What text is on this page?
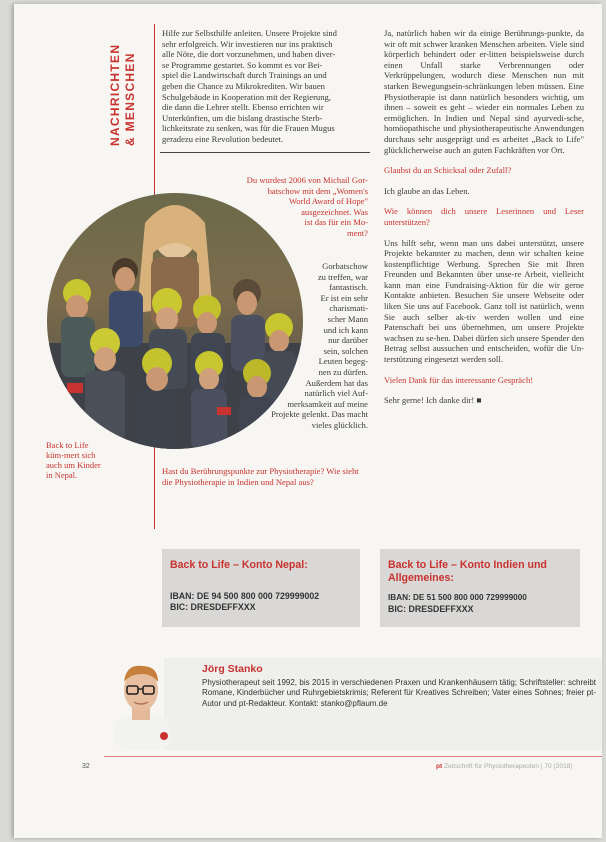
NACHRICHTEN & MENSCHEN
Hilfe zur Selbsthilfe anleiten. Unsere Projekte sind
sehr erfolgreich. Wir investieren nur ins praktisch
alle Nöte, die dort vorzunehmen, und haben diver-
se Programme gestartet. So kommt es vor Bei-
spiel die Landwirtschaft durch Trainings an und
geben die Chance zu Mikrokrediten. Wir bauen
Schulgebäude in Kooperation mit der Regierung,
die dann die Lehrer stellt. Ebenso errichten wir
Unterkünften, um die bislang drastische Sterb-
lichkeitsrate zu senken, was für die Frauen Mugus
geradezu eine Revolution bedeutet.
Du wurdest 2006 von Michail Gor-
batschow mit dem „Women's
World Award of Hope"
ausgezeichnet. Was
ist das für ein Mo-
ment?
Gorbatschow
zu treffen, war
fantastisch.
Er ist ein sehr
charismati-
scher Mann
und ich kann
nur darüber
sein, solchen
Leuten begeg-
nen zu dürfen.
Außerdem hat das
natürlich viel Auf-
merksamkeit auf meine
Projekte gelenkt. Das macht
vieles glücklich.
Back to Life küm-mert sich auch um Kinder in Nepal.	Hast du Berührungspunkte zur Physiotherapie? Wie sieht die Physiotherapie in Indien und Nepal aus?

Ja, natürlich haben wir da einige Berührungs-punkte, da wir oft mit schwer kranken Menschen arbeiten. Viele sind körperlich behindert oder er-litten beispielsweise durch einen Unfall starke Verbrennungen oder Verkrüppelungen, wodurch diese Menschen nun mit starken Bewegungsein-schränkungen leben müssen. Eine Physiotherapie ist dann natürlich besonders wichtig, um ihnen – soweit es geht – wieder ein normales Leben zu ermöglichen. In Indien und Nepal sind ayurvedi-sche, homöopathische und physiotherapeutische Anwendungen durchaus sehr ausgeprägt und es arbeitet „Back to Life" glücklicherweise auch an guten Fachkräften vor Ort.

Glaubst du an Schicksal oder Zufall?

Ich glaube an das Leben.

Wie können dich unsere Leserinnen und Leser unterstützen?

Uns hilft sehr, wenn man uns dabei unterstützt, unsere Projekte bekannter zu machen, denn wir schalten keine kostenpflichtige Werbung. Sprechen Sie mit Ihren Freunden und Bekannten über unse-re Arbeit, vielleicht kann man eine Fundraising-Aktion für die wir gerne Kontakte anbieten. Besuchen Sie unsere Webseite oder liken Sie uns auf Facebook. Ganz toll ist natürlich, wenn Sie auch selber ak-tiv werden wollen und eine Patenschaft bei uns übernehmen, um unsere Projekte wachsen zu se-hen. Dabei dürfen sich unsere Spender den Betrag selbst aussuchen und entscheiden, wofür die Un-terstützung eingesetzt werden soll.

Vielen Dank für das interessante Gespräch!

Sehr gerne! Ich danke dir! ■

Back to Life – Konto Nepal:
IBAN: DE 94 500 800 000 729999002
BIC: DRESDEFFXXX
Back to Life – Konto Indien und Allgemeines:
IBAN: DE 51 500 800 000 729999000
BIC: DRESDEFFXXX
Jörg Stanko
Physiotherapeut seit 1992, bis 2015 in verschiedenen Praxen und Krankenhäusern tätig; Schriftsteller: schreibt Romane, Kinderbücher und Ruhrgebietskrimis; Referent für Kreatives Schreiben; Vater eines Sohnes; freier pt-Autor und pt-Redakteur. Kontakt: stanko@pflaum.de
32	pt Zeitschrift für Physiotherapeuten | 70 (2018)
